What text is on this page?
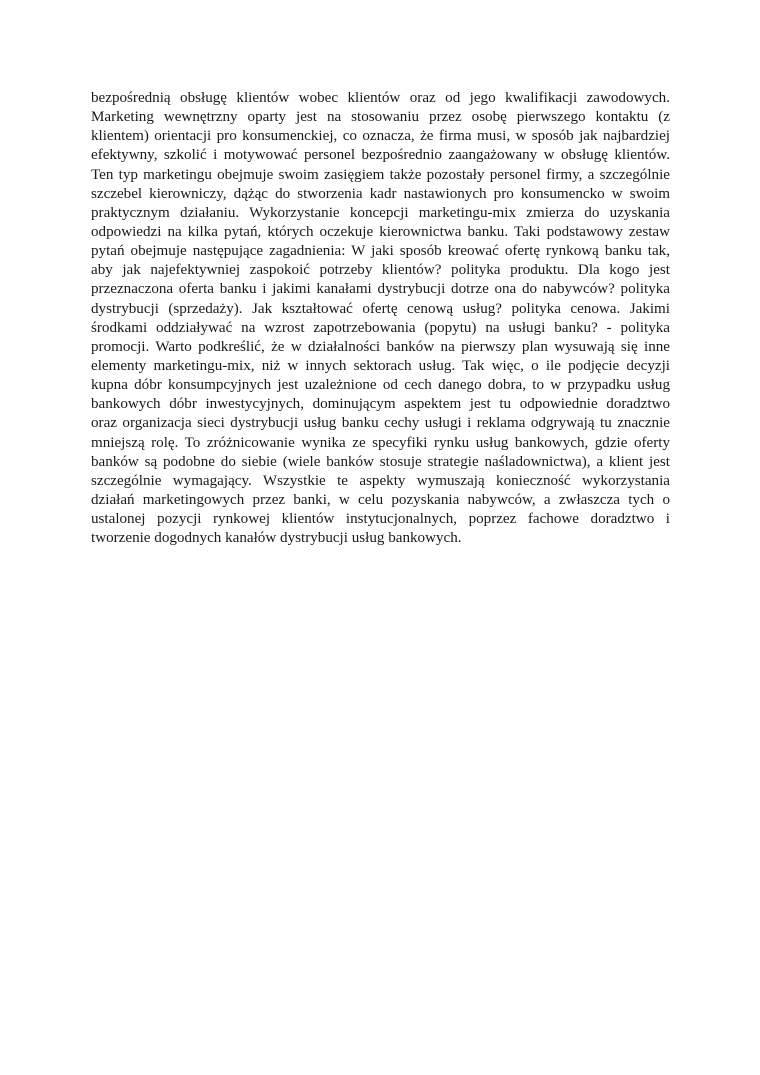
bezpośrednią obsługę klientów wobec klientów oraz od jego kwalifikacji zawodowych.
Marketing wewnętrzny oparty jest na stosowaniu przez osobę pierwszego kontaktu (z
klientem) orientacji pro konsumenckiej, co oznacza, że firma musi, w sposób jak najbardziej
efektywny, szkolić i motywować personel bezpośrednio zaangażowany w obsługę klientów.
Ten typ marketingu obejmuje swoim zasięgiem także pozostały personel firmy, a szczególnie
szczebel kierowniczy, dążąc do stworzenia kadr nastawionych pro konsumencko w swoim
praktycznym działaniu. Wykorzystanie koncepcji marketingu-mix zmierza do uzyskania
odpowiedzi na kilka pytań, których oczekuje kierownictwa banku. Taki podstawowy zestaw
pytań obejmuje następujące zagadnienia: W jaki sposób kreować ofertę rynkową banku tak,
aby jak najefektywniej zaspokoić potrzeby klientów? polityka produktu. Dla kogo jest
przeznaczona oferta banku i jakimi kanałami dystrybucji dotrze ona do nabywców? polityka
dystrybucji (sprzedaży). Jak kształtować ofertę cenową usług? polityka cenowa. Jakimi
środkami oddziaływać na wzrost zapotrzebowania (popytu) na usługi banku? - polityka
promocji. Warto podkreślić, że w działalności banków na pierwszy plan wysuwają się inne
elementy marketingu-mix, niż w innych sektorach usług. Tak więc, o ile podjęcie decyzji
kupna dóbr konsumpcyjnych jest uzależnione od cech danego dobra, to w przypadku usług
bankowych dóbr inwestycyjnych, dominującym aspektem jest tu odpowiednie doradztwo
oraz organizacja sieci dystrybucji usług banku cechy usługi i reklama odgrywają tu znacznie
mniejszą rolę. To zróżnicowanie wynika ze specyfiki rynku usług bankowych, gdzie oferty
banków są podobne do siebie (wiele banków stosuje strategie naśladownictwa), a klient jest
szczególnie wymagający. Wszystkie te aspekty wymuszają konieczność wykorzystania
działań marketingowych przez banki, w celu pozyskania nabywców, a zwłaszcza tych o
ustalonej pozycji rynkowej klientów instytucjonalnych, poprzez fachowe doradztwo i
tworzenie dogodnych kanałów dystrybucji usług bankowych.
